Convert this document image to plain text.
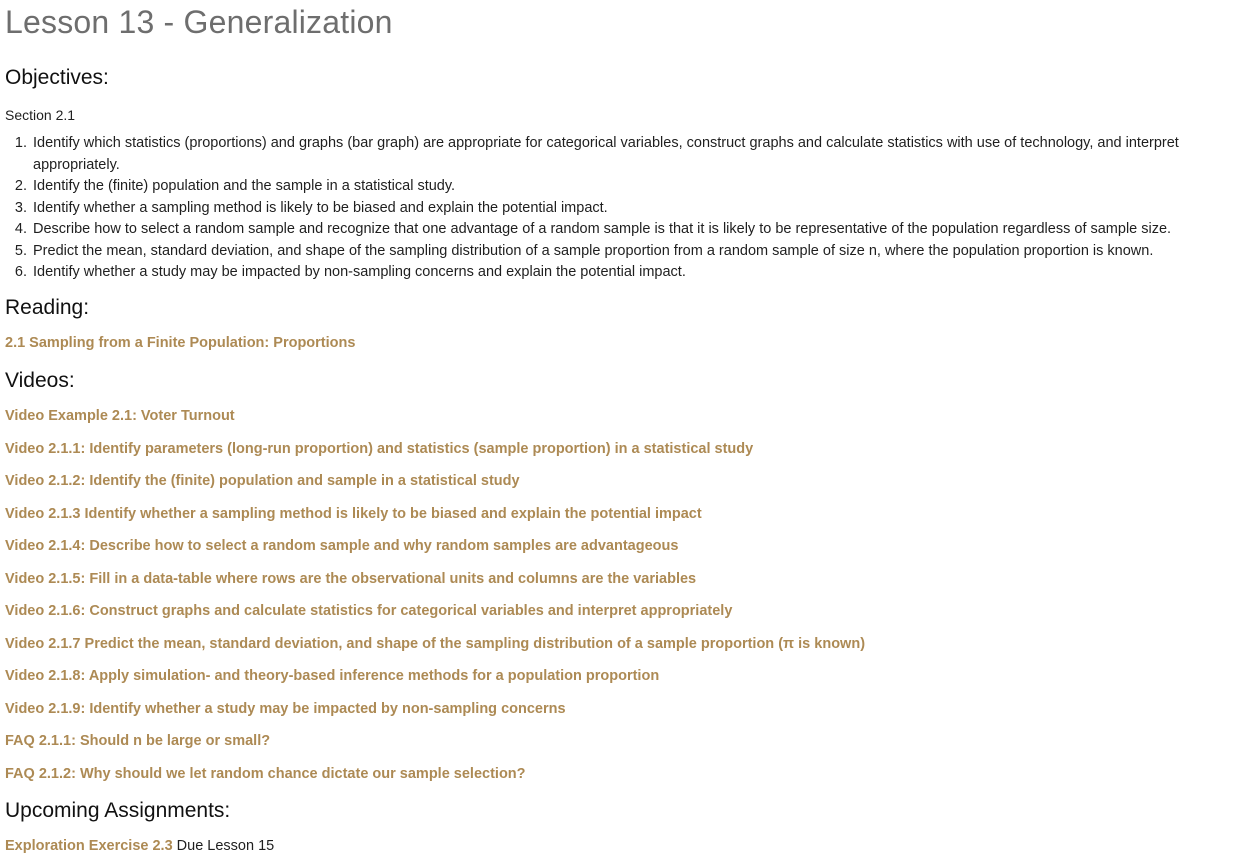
Lesson 13 - Generalization
Objectives:

Section 2.1

1. Identify which statistics (proportions) and graphs (bar graph) are appropriate for categorical variables, construct graphs and calculate statistics with use of technology, and interpret appropriately.
2. Identify the (finite) population and the sample in a statistical study.
3. Identify whether a sampling method is likely to be biased and explain the potential impact.
4. Describe how to select a random sample and recognize that one advantage of a random sample is that it is likely to be representative of the population regardless of sample size.
5. Predict the mean, standard deviation, and shape of the sampling distribution of a sample proportion from a random sample of size n, where the population proportion is known.
6. Identify whether a study may be impacted by non-sampling concerns and explain the potential impact.
Reading:

2.1 Sampling from a Finite Population: Proportions

Videos:

Video Example 2.1: Voter Turnout

Video 2.1.1: Identify parameters (long-run proportion) and statistics (sample proportion) in a statistical study

Video 2.1.2: Identify the (finite) population and sample in a statistical study

Video 2.1.3 Identify whether a sampling method is likely to be biased and explain the potential impact

Video 2.1.4: Describe how to select a random sample and why random samples are advantageous

Video 2.1.5: Fill in a data-table where rows are the observational units and columns are the variables

Video 2.1.6: Construct graphs and calculate statistics for categorical variables and interpret appropriately

Video 2.1.7 Predict the mean, standard deviation, and shape of the sampling distribution of a sample proportion (π is known)

Video 2.1.8: Apply simulation- and theory-based inference methods for a population proportion

Video 2.1.9: Identify whether a study may be impacted by non-sampling concerns

FAQ 2.1.1: Should n be large or small?

FAQ 2.1.2: Why should we let random chance dictate our sample selection?

Upcoming Assignments:

Exploration Exercise 2.3 Due Lesson 15
